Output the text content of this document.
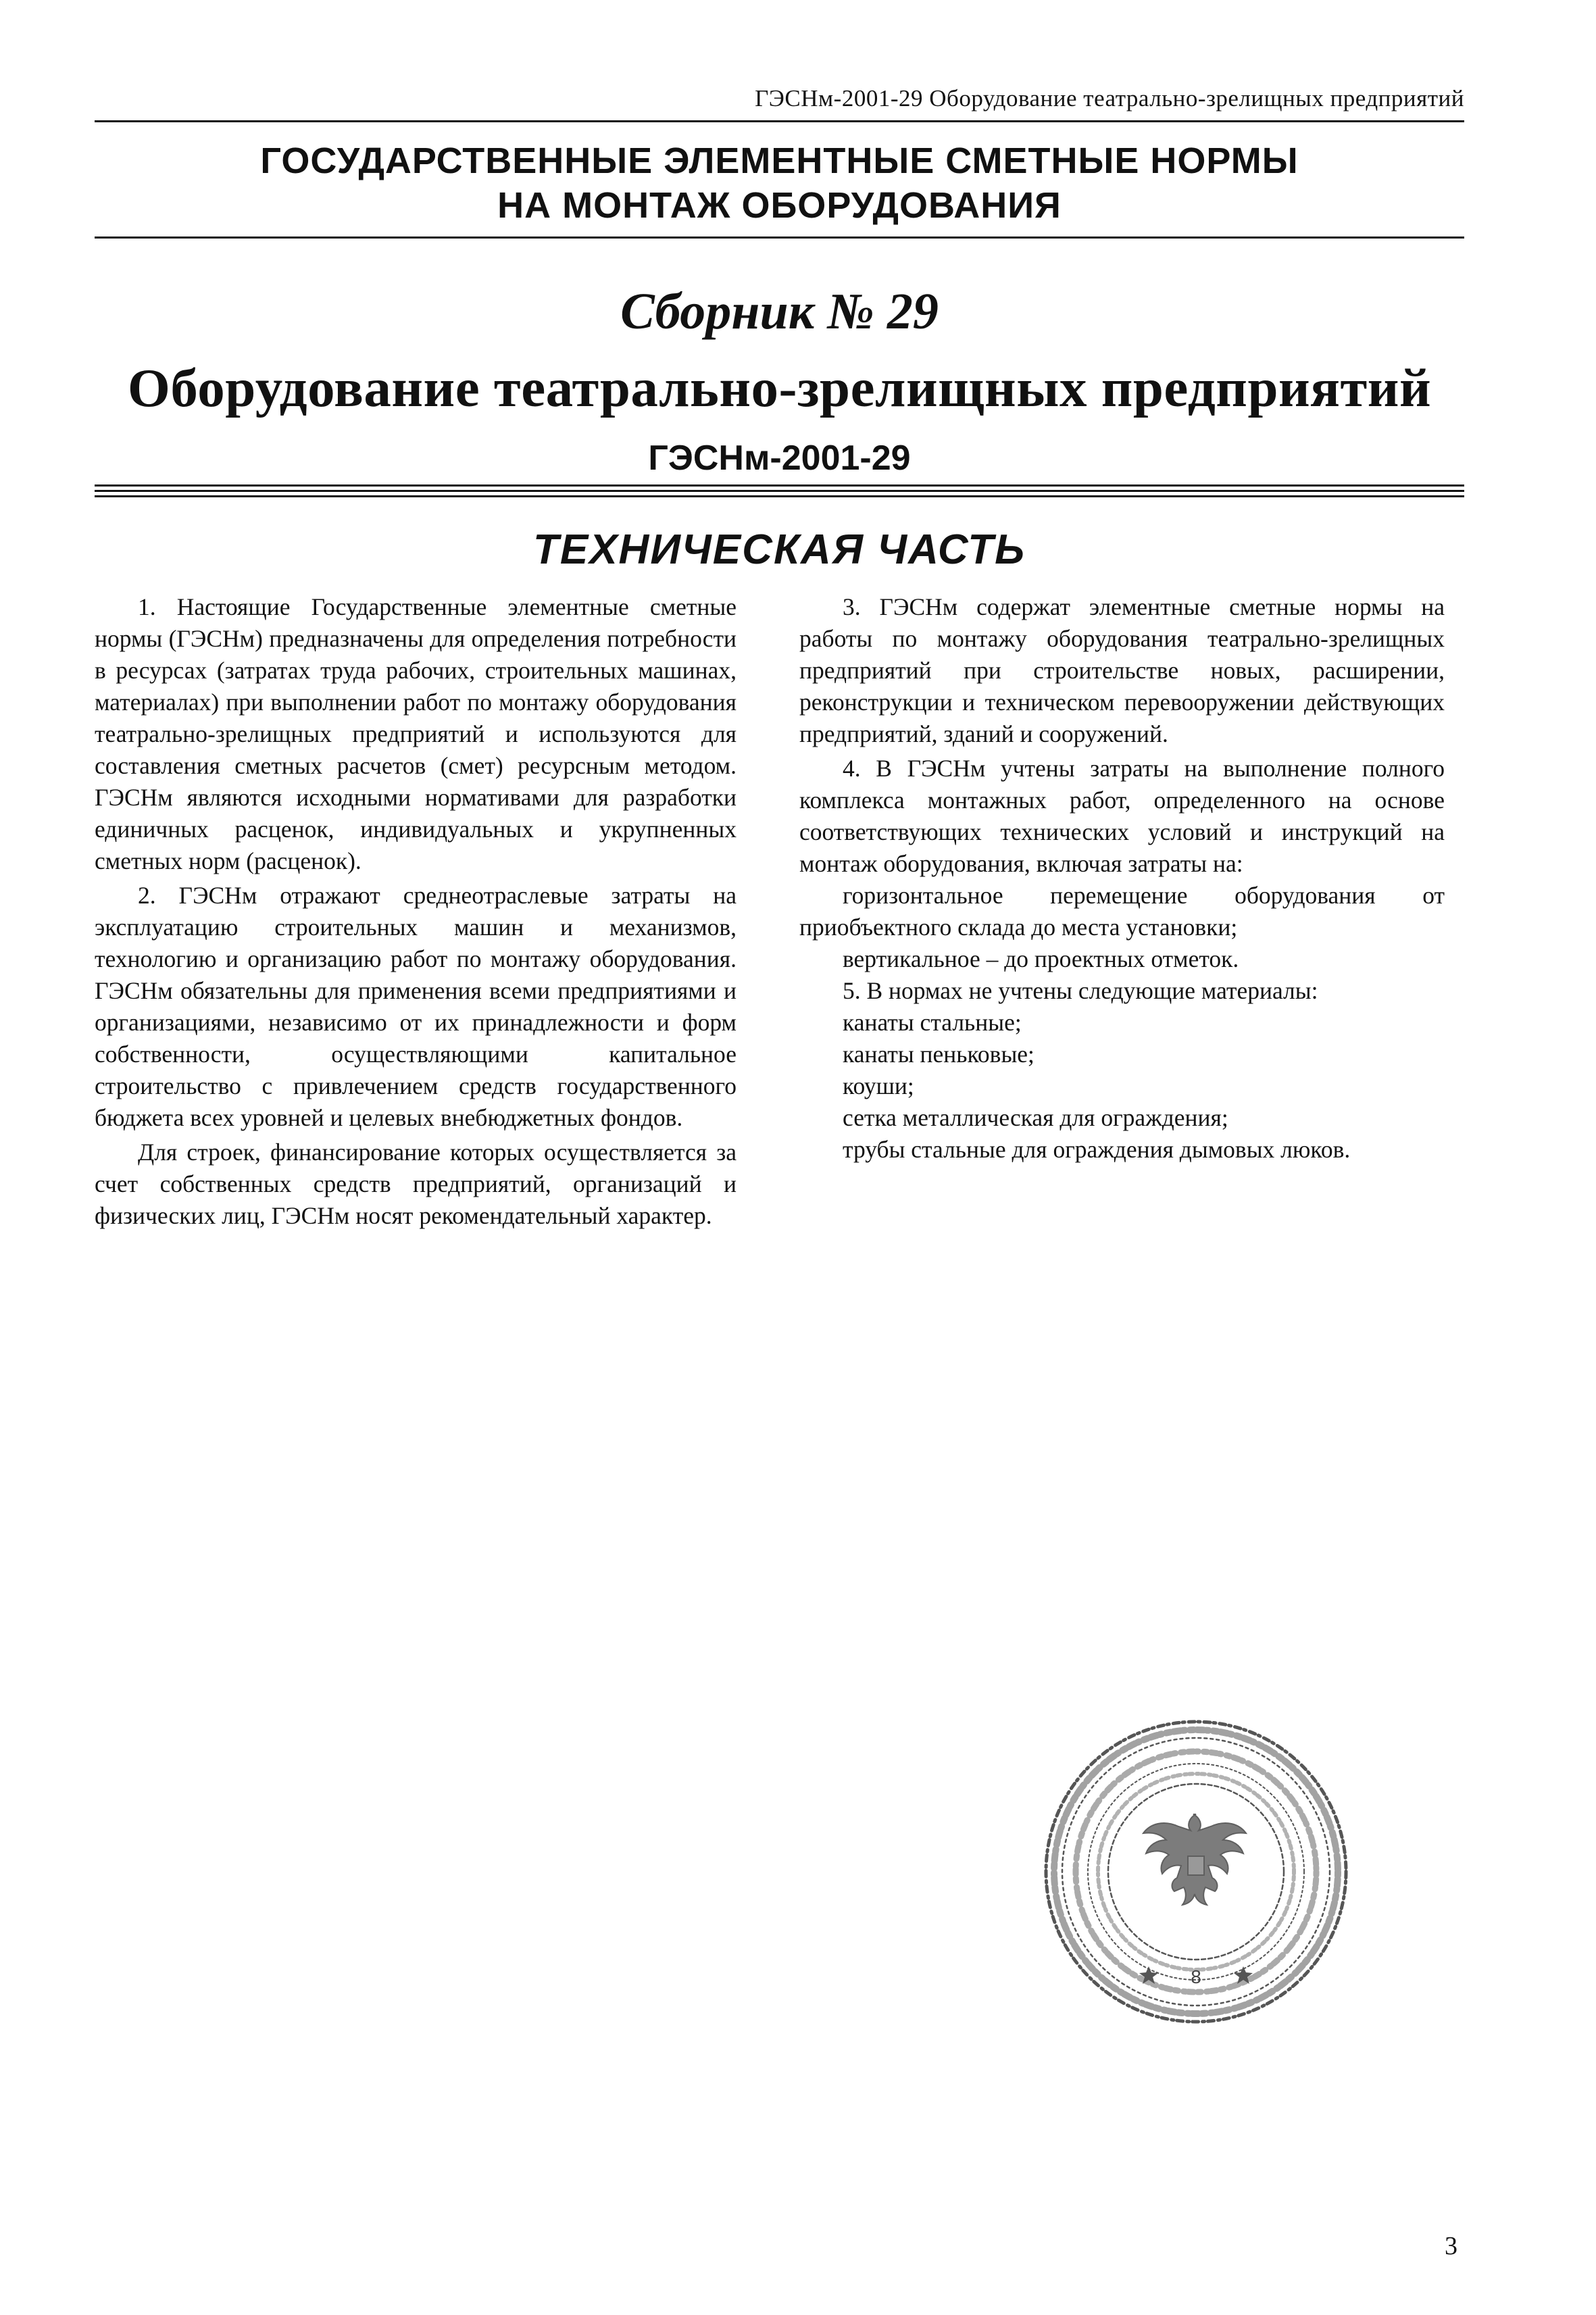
ГЭСНм-2001-29 Оборудование театрально-зрелищных предприятий
ГОСУДАРСТВЕННЫЕ ЭЛЕМЕНТНЫЕ СМЕТНЫЕ НОРМЫ
НА МОНТАЖ ОБОРУДОВАНИЯ
Сборник № 29
Оборудование театрально-зрелищных предприятий
ГЭСНм-2001-29
ТЕХНИЧЕСКАЯ ЧАСТЬ

1. Настоящие Государственные элементные сметные нормы (ГЭСНм) предназначены для определения потребности в ресурсах (затратах труда рабочих, строительных машинах, материалах) при выполнении работ по монтажу оборудования театрально-зрелищных предприятий и используются для составления сметных расчетов (смет) ресурсным методом. ГЭСНм являются исходными нормативами для разработки единичных расценок, индивидуальных и укрупненных сметных норм (расценок).

2. ГЭСНм отражают среднеотраслевые затраты на эксплуатацию строительных машин и механизмов, технологию и организацию работ по монтажу оборудования. ГЭСНм обязательны для применения всеми предприятиями и организациями, независимо от их принадлежности и форм собственности, осуществляющими капитальное строительство с привлечением средств государственного бюджета всех уровней и целевых внебюджетных фондов.

Для строек, финансирование которых осуществляется за счет собственных средств предприятий, организаций и физических лиц, ГЭСНм носят рекомендательный характер.

3. ГЭСНм содержат элементные сметные нормы на работы по монтажу оборудования театрально-зрелищных предприятий при строительстве новых, расширении, реконструкции и техническом перевооружении действующих предприятий, зданий и сооружений.

4. В ГЭСНм учтены затраты на выполнение полного комплекса монтажных работ, определенного на основе соответствующих технических условий и инструкций на монтаж оборудования, включая затраты на:

горизонтальное перемещение оборудования от приобъектного склада до места установки;

вертикальное – до проектных отметок.

5. В нормах не учтены следующие материалы:

канаты стальные;

канаты пеньковые;

коуши;

сетка металлическая для ограждения;

трубы стальные для ограждения дымовых люков.

8
3
